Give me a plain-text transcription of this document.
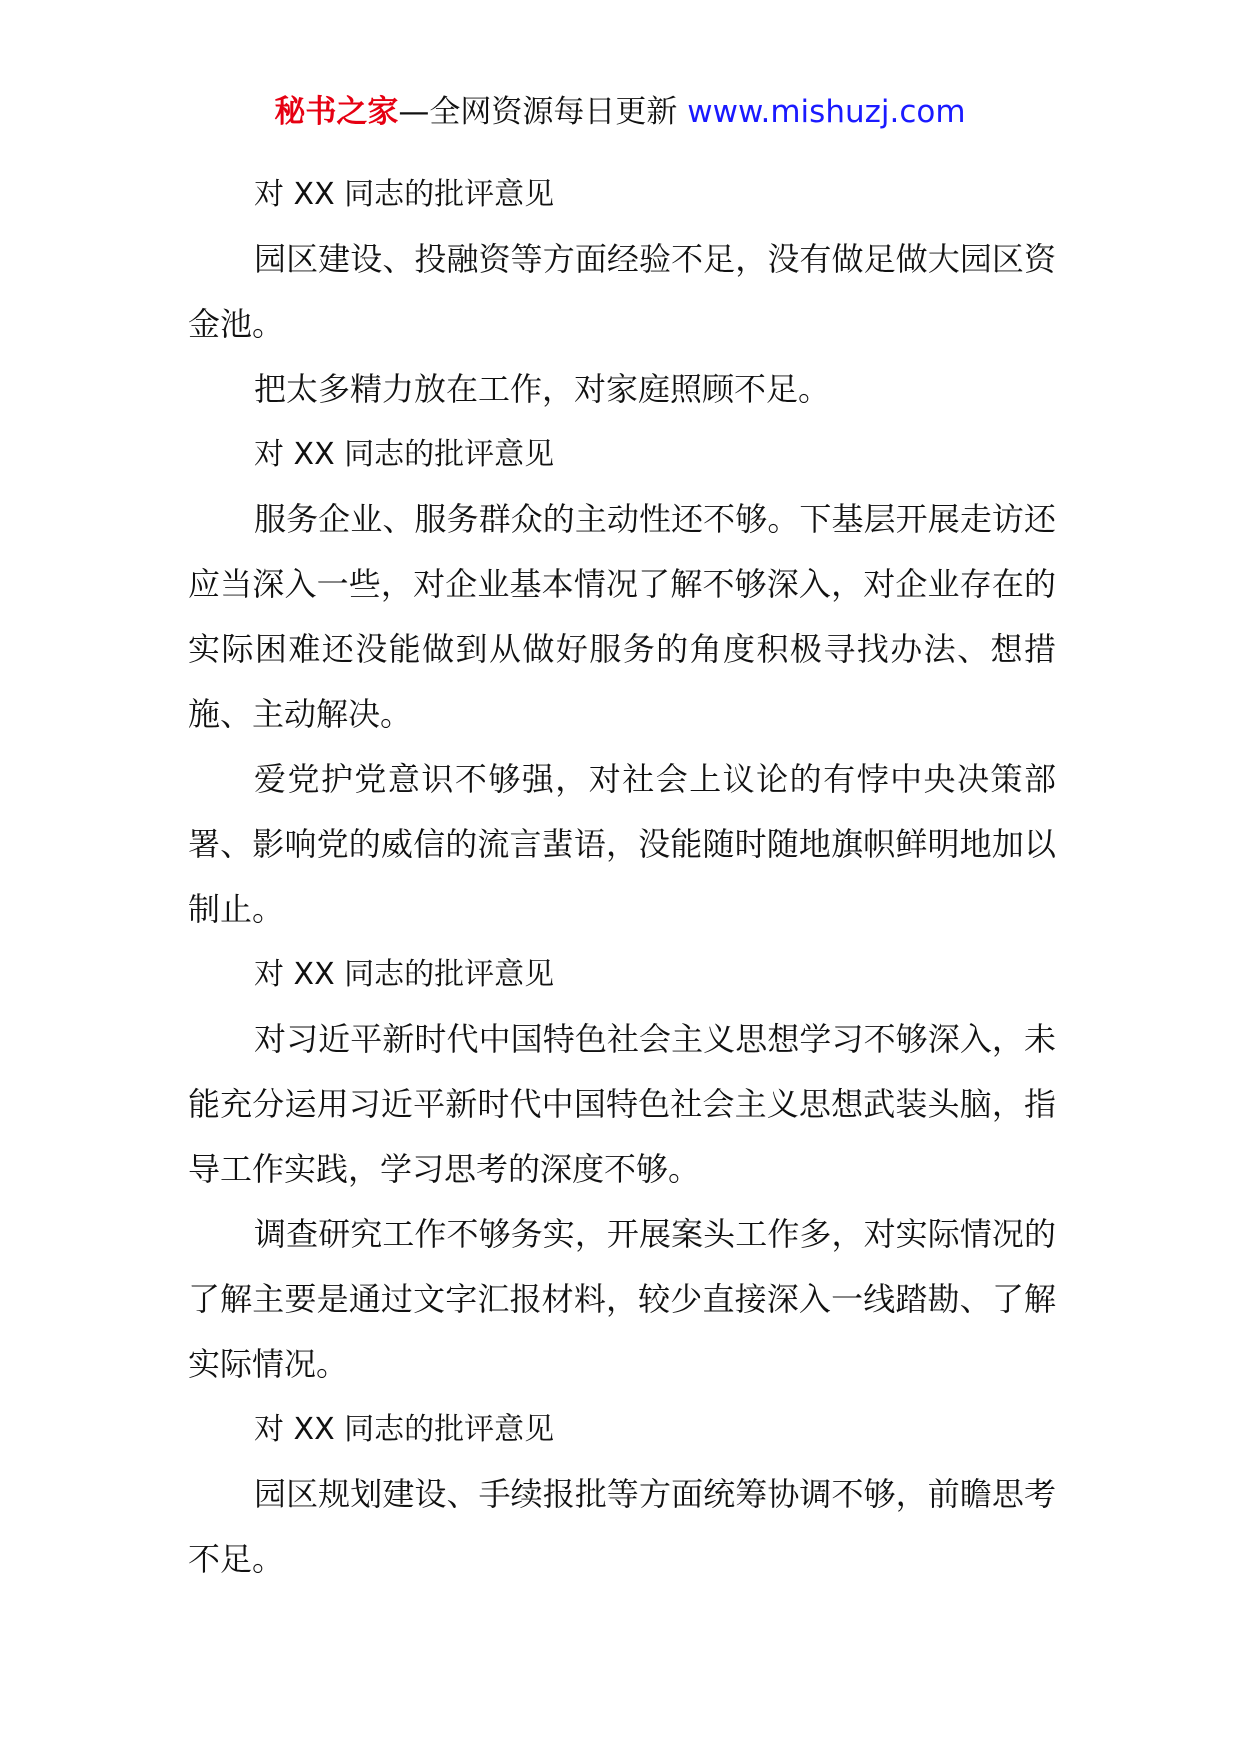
秘书之家—全网资源每日更新 www.mishuzj.com

对 XX 同志的批评意见

园区建设、投融资等方面经验不足，没有做足做大园区资金池。

把太多精力放在工作，对家庭照顾不足。

对 XX 同志的批评意见

服务企业、服务群众的主动性还不够。下基层开展走访还应当深入一些，对企业基本情况了解不够深入，对企业存在的实际困难还没能做到从做好服务的角度积极寻找办法、想措施、主动解决。

爱党护党意识不够强，对社会上议论的有悖中央决策部署、影响党的威信的流言蜚语，没能随时随地旗帜鲜明地加以制止。

对 XX 同志的批评意见

对习近平新时代中国特色社会主义思想学习不够深入，未能充分运用习近平新时代中国特色社会主义思想武装头脑，指导工作实践，学习思考的深度不够。

调查研究工作不够务实，开展案头工作多，对实际情况的了解主要是通过文字汇报材料，较少直接深入一线踏勘、了解实际情况。

对 XX 同志的批评意见

园区规划建设、手续报批等方面统筹协调不够，前瞻思考不足。
